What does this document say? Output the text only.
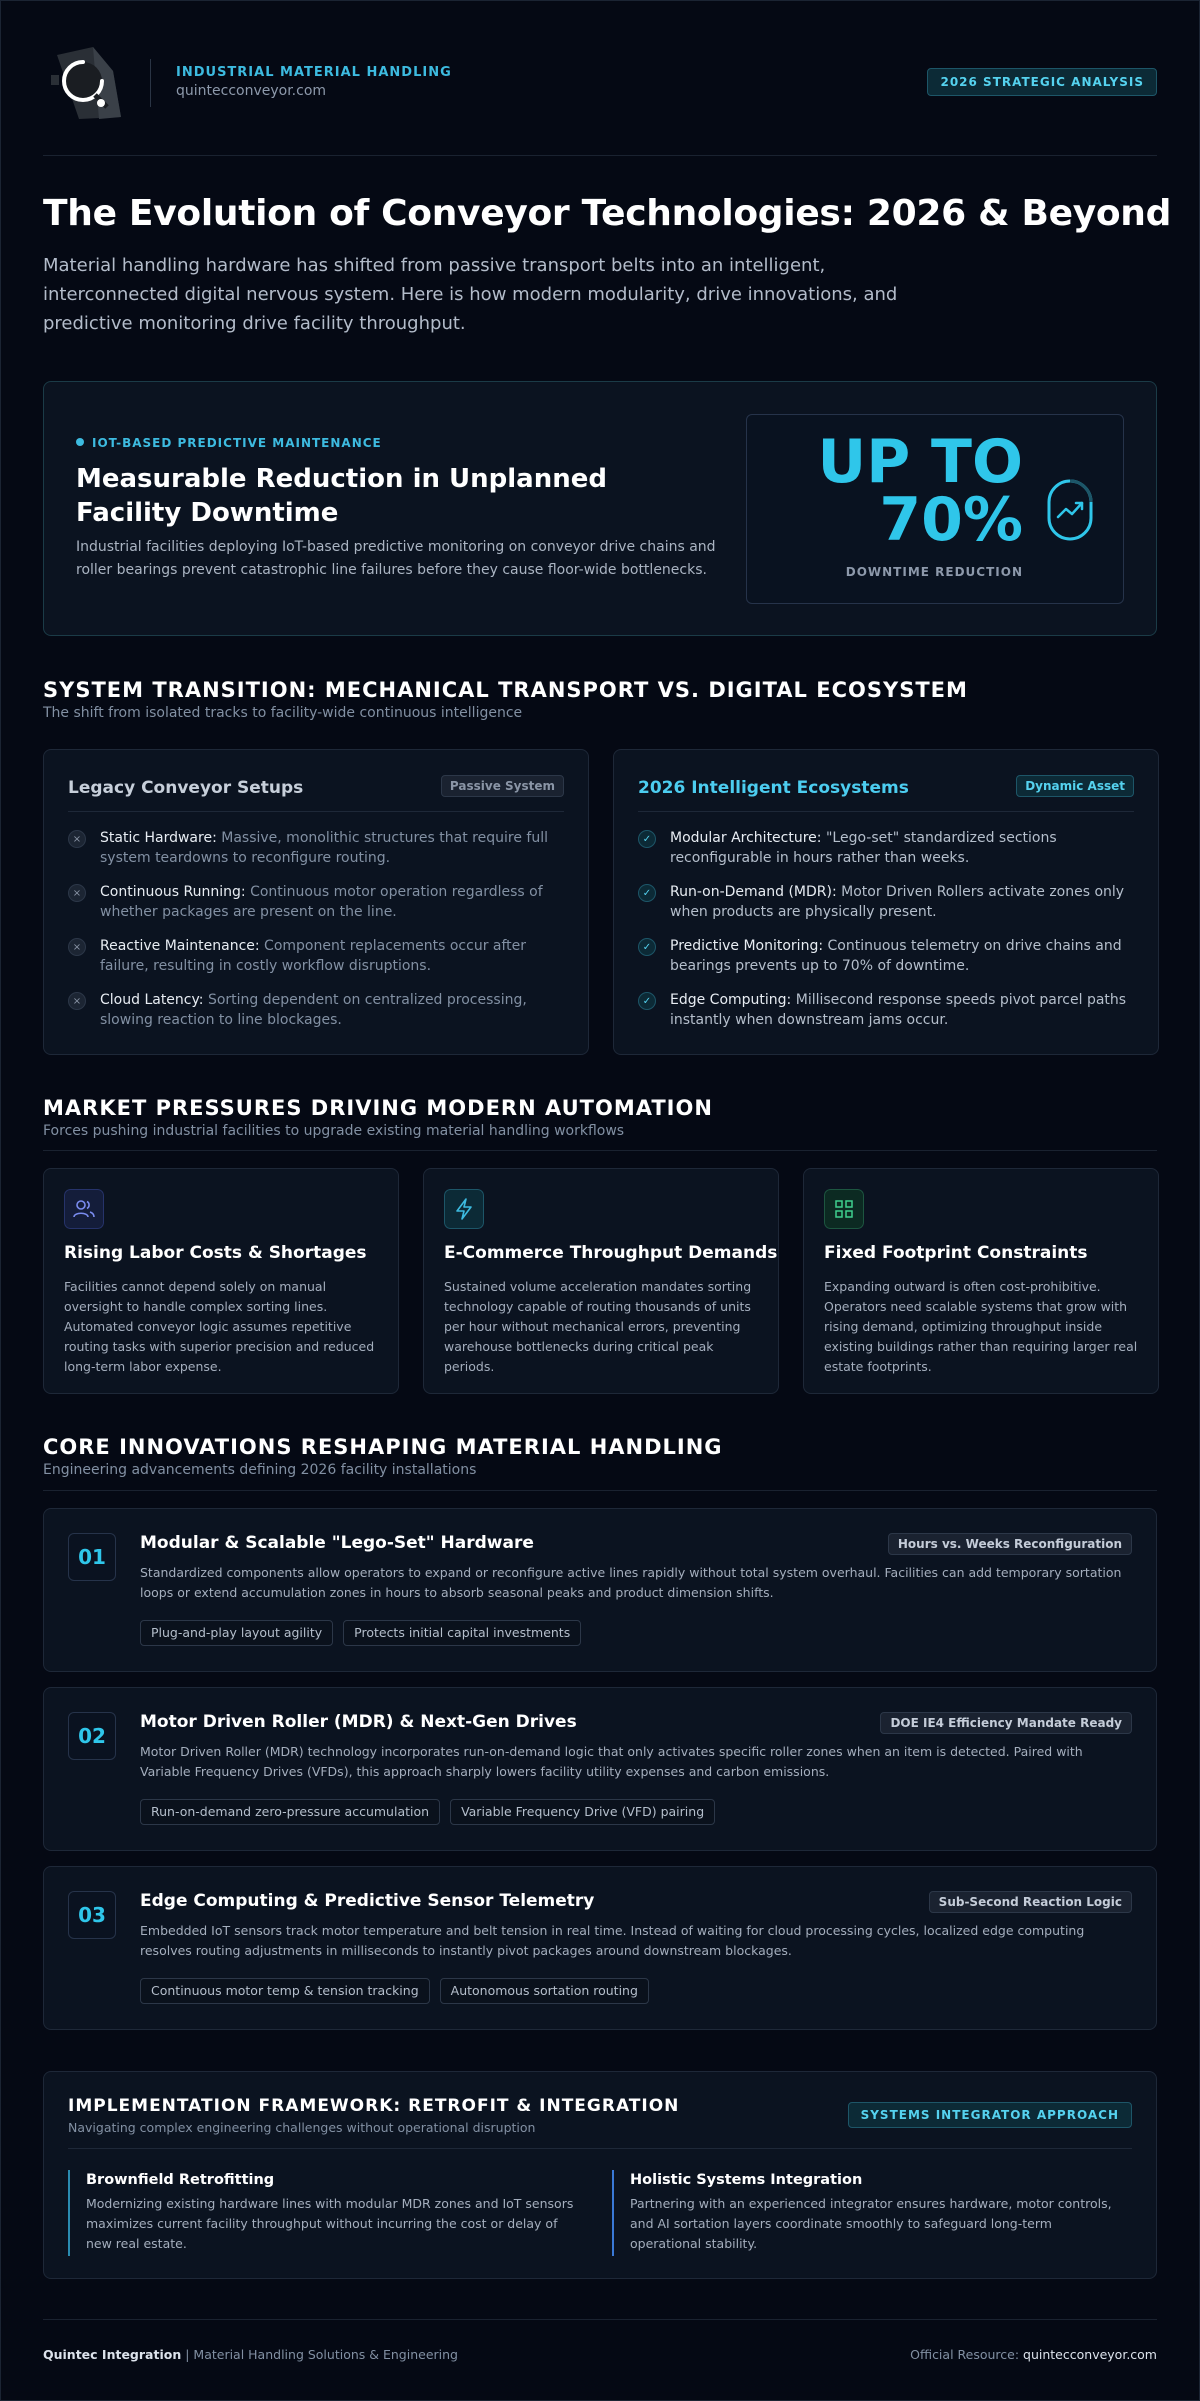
INDUSTRIAL MATERIAL HANDLING
quintecconveyor.com
2026 STRATEGIC ANALYSIS
The Evolution of Conveyor Technologies: 2026 & Beyond

Material handling hardware has shifted from passive transport belts into an intelligent, interconnected digital nervous system. Here is how modern modularity, drive innovations, and predictive monitoring drive facility throughput.

IOT-BASED PREDICTIVE MAINTENANCE
Measurable Reduction in Unplanned Facility Downtime
Industrial facilities deploying IoT-based predictive monitoring on conveyor drive chains and roller bearings prevent catastrophic line failures before they cause floor-wide bottlenecks.
UP TO
70%
DOWNTIME REDUCTION
SYSTEM TRANSITION: MECHANICAL TRANSPORT VS. DIGITAL ECOSYSTEM
The shift from isolated tracks to facility-wide continuous intelligence
Legacy Conveyor Setups	Passive System
×	Static Hardware: Massive, monolithic structures that require full system teardowns to reconfigure routing.
×	Continuous Running: Continuous motor operation regardless of whether packages are present on the line.
×	Reactive Maintenance: Component replacements occur after failure, resulting in costly workflow disruptions.
×	Cloud Latency: Sorting dependent on centralized processing, slowing reaction to line blockages.
2026 Intelligent Ecosystems	Dynamic Asset
✓	Modular Architecture: "Lego-set" standardized sections reconfigurable in hours rather than weeks.
✓	Run-on-Demand (MDR): Motor Driven Rollers activate zones only when products are physically present.
✓	Predictive Monitoring: Continuous telemetry on drive chains and bearings prevents up to 70% of downtime.
✓	Edge Computing: Millisecond response speeds pivot parcel paths instantly when downstream jams occur.
MARKET PRESSURES DRIVING MODERN AUTOMATION
Forces pushing industrial facilities to upgrade existing material handling workflows
Rising Labor Costs & Shortages
Facilities cannot depend solely on manual oversight to handle complex sorting lines. Automated conveyor logic assumes repetitive routing tasks with superior precision and reduced long-term labor expense.
E-Commerce Throughput Demands
Sustained volume acceleration mandates sorting technology capable of routing thousands of units per hour without mechanical errors, preventing warehouse bottlenecks during critical peak periods.
Fixed Footprint Constraints
Expanding outward is often cost-prohibitive. Operators need scalable systems that grow with rising demand, optimizing throughput inside existing buildings rather than requiring larger real estate footprints.
CORE INNOVATIONS RESHAPING MATERIAL HANDLING
Engineering advancements defining 2026 facility installations
01
Modular & Scalable "Lego-Set" Hardware	Hours vs. Weeks Reconfiguration
Standardized components allow operators to expand or reconfigure active lines rapidly without total system overhaul. Facilities can add temporary sortation loops or extend accumulation zones in hours to absorb seasonal peaks and product dimension shifts.
Plug-and-play layout agility	Protects initial capital investments
02
Motor Driven Roller (MDR) & Next-Gen Drives	DOE IE4 Efficiency Mandate Ready
Motor Driven Roller (MDR) technology incorporates run-on-demand logic that only activates specific roller zones when an item is detected. Paired with Variable Frequency Drives (VFDs), this approach sharply lowers facility utility expenses and carbon emissions.
Run-on-demand zero-pressure accumulation	Variable Frequency Drive (VFD) pairing
03
Edge Computing & Predictive Sensor Telemetry	Sub-Second Reaction Logic
Embedded IoT sensors track motor temperature and belt tension in real time. Instead of waiting for cloud processing cycles, localized edge computing resolves routing adjustments in milliseconds to instantly pivot packages around downstream blockages.
Continuous motor temp & tension tracking	Autonomous sortation routing
IMPLEMENTATION FRAMEWORK: RETROFIT & INTEGRATION
Navigating complex engineering challenges without operational disruption
SYSTEMS INTEGRATOR APPROACH
Brownfield Retrofitting
Modernizing existing hardware lines with modular MDR zones and IoT sensors maximizes current facility throughput without incurring the cost or delay of new real estate.
Holistic Systems Integration
Partnering with an experienced integrator ensures hardware, motor controls, and AI sortation layers coordinate smoothly to safeguard long-term operational stability.
Quintec Integration | Material Handling Solutions & Engineering	Official Resource: quintecconveyor.com
